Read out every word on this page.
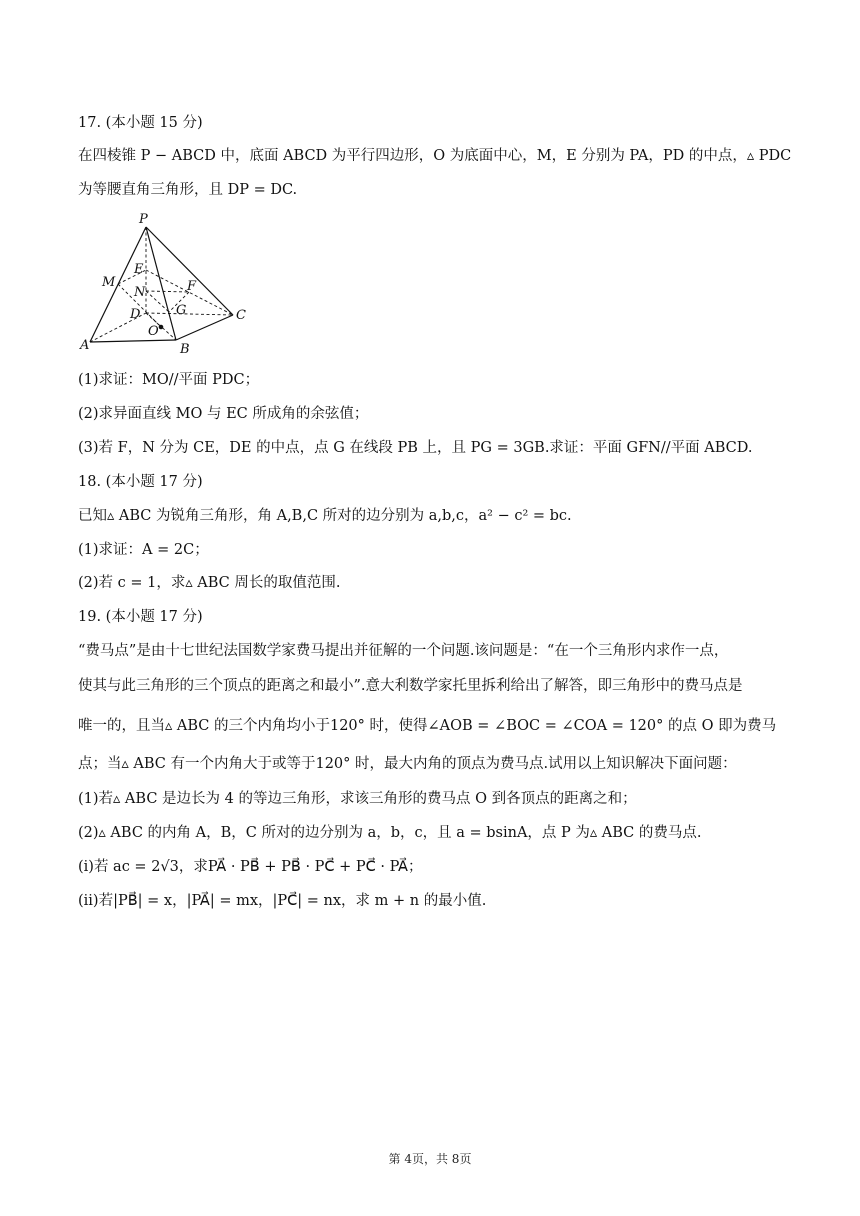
17. (本小题 15 分)
在四棱锥 P − ABCD 中，底面 ABCD 为平行四边形，O 为底面中心，M，E 分别为 PA，PD 的中点，▵ PDC
为等腰直角三角形，且 DP = DC.
P
M
E
F
N
G
D
O
C
A	B
(1)求证：MO//平面 PDC；
(2)求异面直线 MO 与 EC 所成角的余弦值；
(3)若 F，N 分为 CE，DE 的中点，点 G 在线段 PB 上，且 PG = 3GB.求证：平面 GFN//平面 ABCD.
18. (本小题 17 分)
已知▵ ABC 为锐角三角形，角 A,B,C 所对的边分别为 a,b,c，a² − c² = bc.
(1)求证：A = 2C；
(2)若 c = 1，求▵ ABC 周长的取值范围.
19. (本小题 17 分)
“费马点”是由十七世纪法国数学家费马提出并征解的一个问题.该问题是：“在一个三角形内求作一点，
使其与此三角形的三个顶点的距离之和最小”.意大利数学家托里拆利给出了解答，即三角形中的费马点是
唯一的，且当▵ ABC 的三个内角均小于120° 时，使得∠AOB = ∠BOC = ∠COA = 120° 的点 O 即为费马
点；当▵ ABC 有一个内角大于或等于120° 时，最大内角的顶点为费马点.试用以上知识解决下面问题：
(1)若▵ ABC 是边长为 4 的等边三角形，求该三角形的费马点 O 到各顶点的距离之和；
(2)▵ ABC 的内角 A，B，C 所对的边分别为 a，b，c，且 a = bsinA，点 P 为▵ ABC 的费马点.
(i)若 ac = 2√3，求PA⃗ · PB⃗ + PB⃗ · PC⃗ + PC⃗ · PA⃗；
(ii)若|PB⃗| = x，|PA⃗| = mx，|PC⃗| = nx，求 m + n 的最小值.
第 4页，共 8页
